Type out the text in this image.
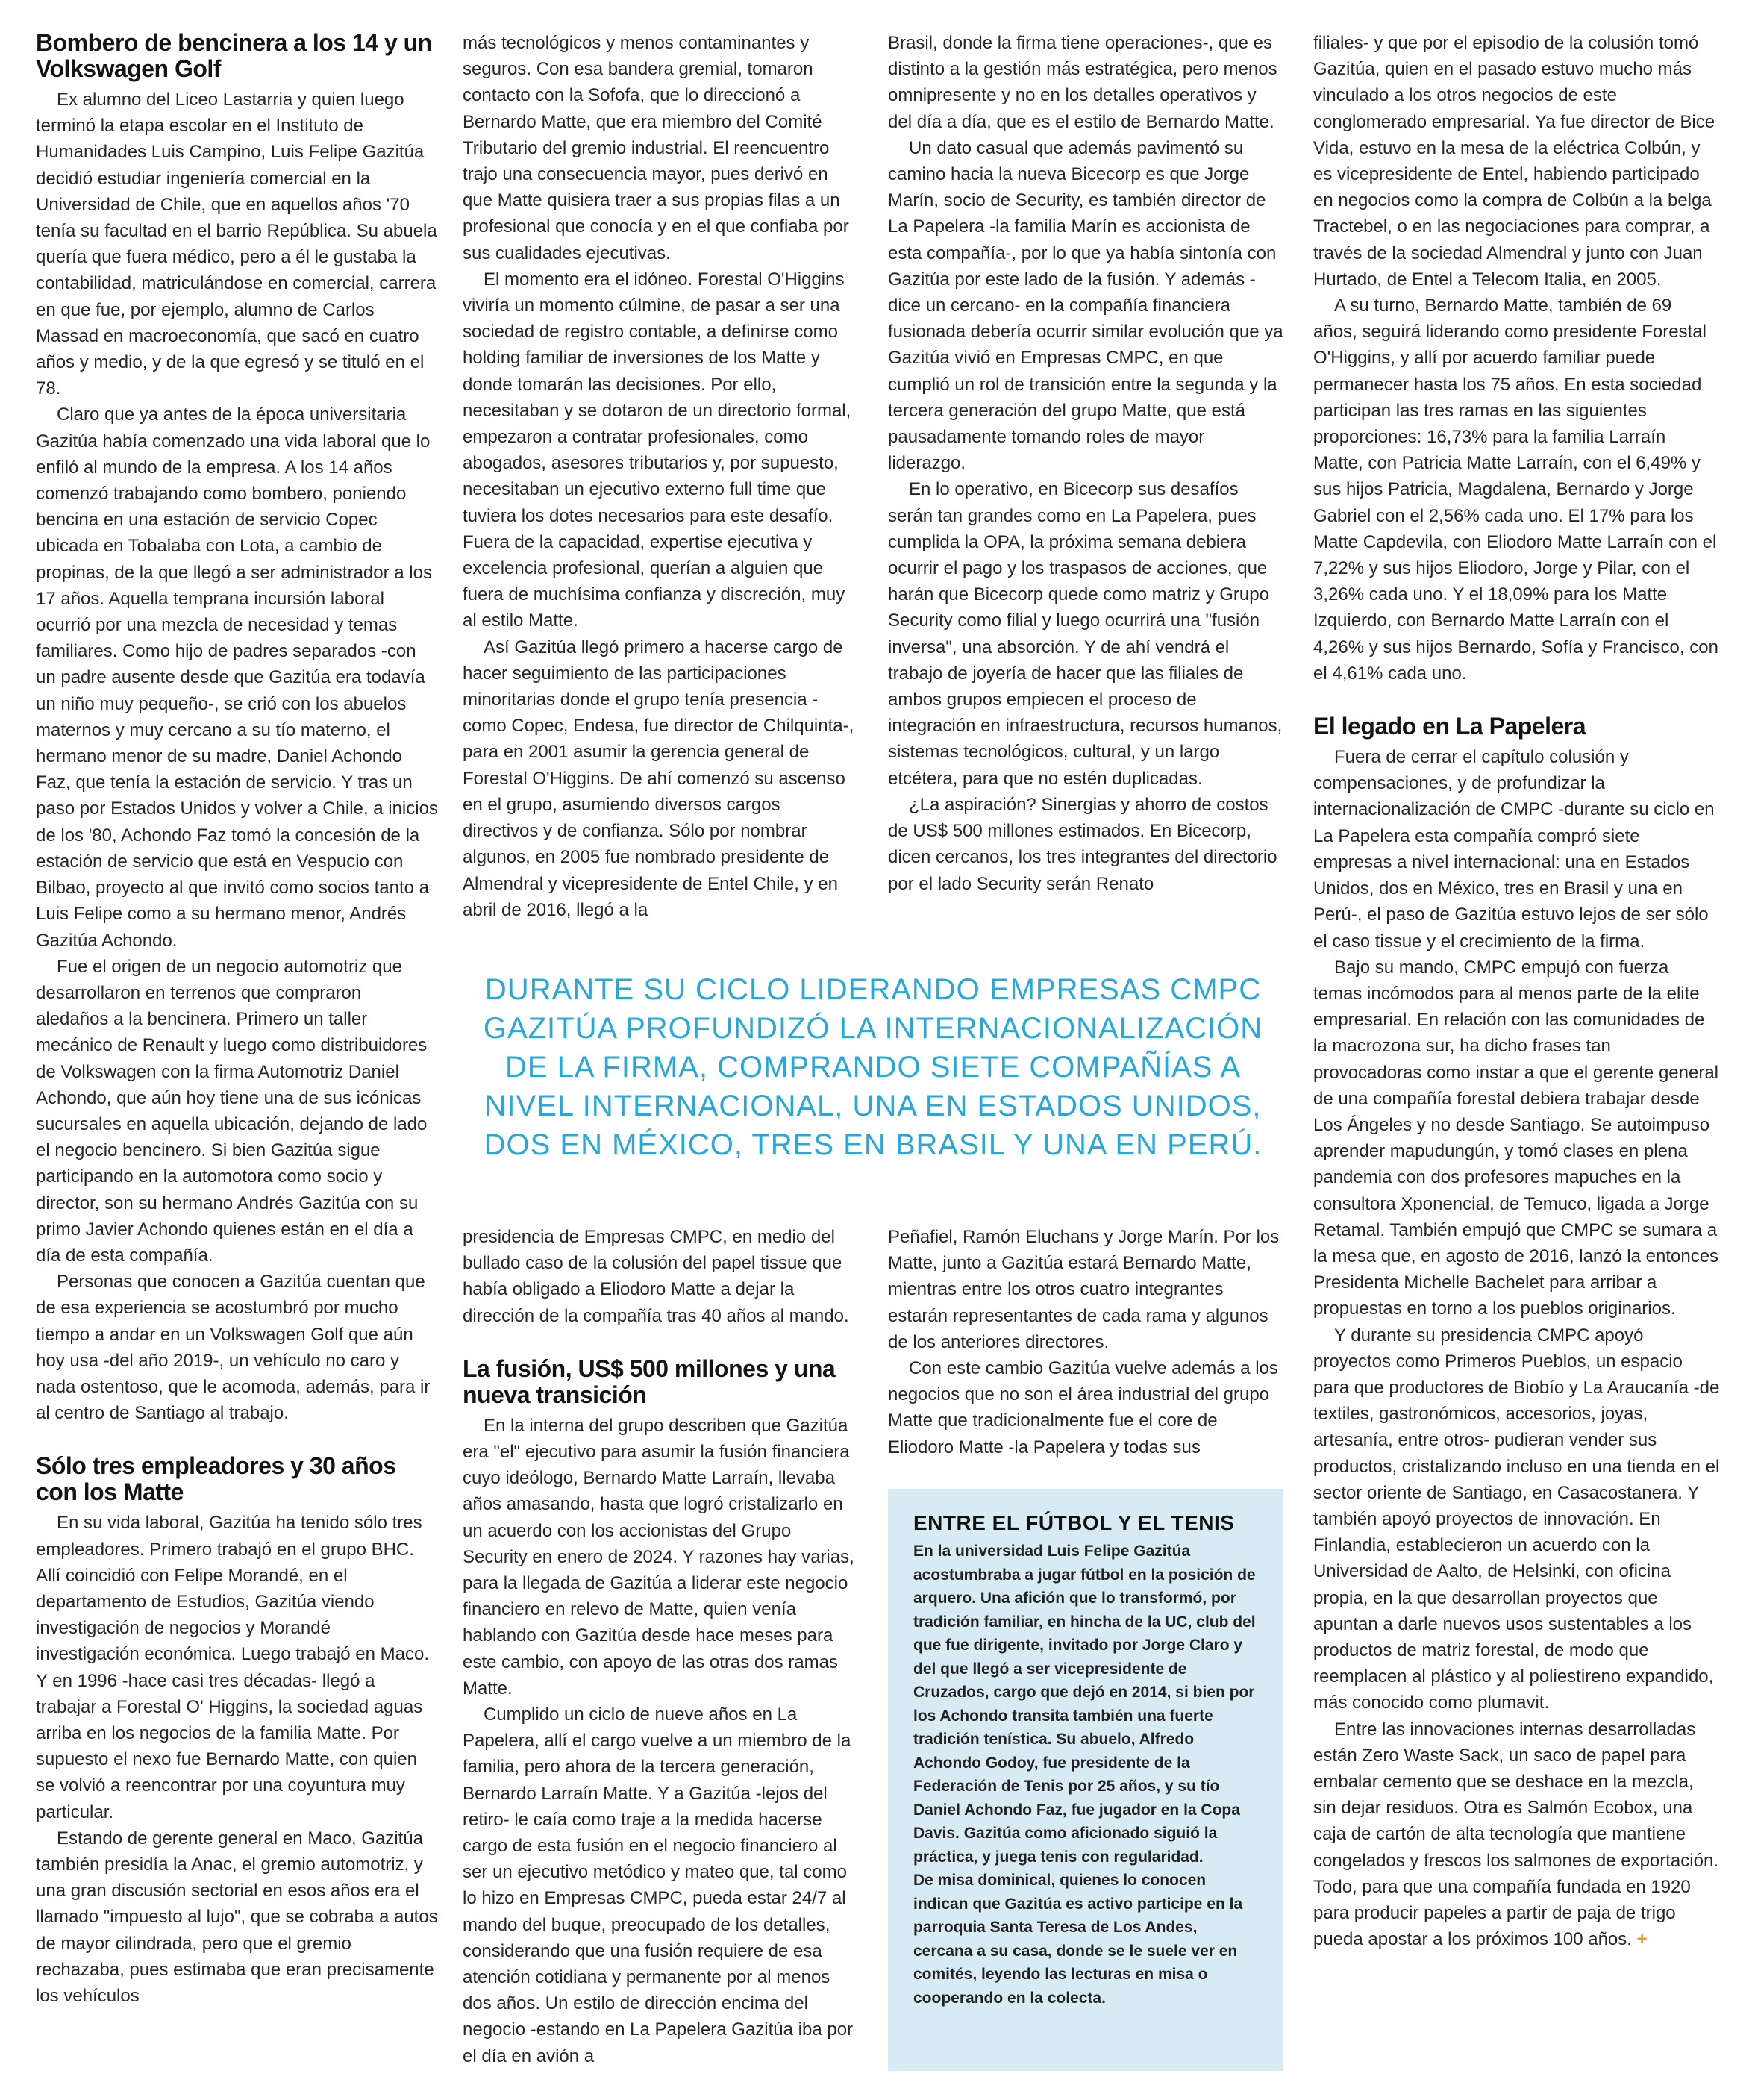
Bombero de bencinera a los 14 y un Volkswagen Golf

Ex alumno del Liceo Lastarria y quien luego terminó la etapa escolar en el Instituto de Humanidades Luis Campino, Luis Felipe Gazitúa decidió estudiar ingeniería comercial en la Universidad de Chile, que en aquellos años '70 tenía su facultad en el barrio República. Su abuela quería que fuera médico, pero a él le gustaba la contabilidad, matriculándose en comercial, carrera en que fue, por ejemplo, alumno de Carlos Massad en macroeconomía, que sacó en cuatro años y medio, y de la que egresó y se tituló en el 78.

Claro que ya antes de la época universitaria Gazitúa había comenzado una vida laboral que lo enfiló al mundo de la empresa. A los 14 años comenzó trabajando como bombero, poniendo bencina en una estación de servicio Copec ubicada en Tobalaba con Lota, a cambio de propinas, de la que llegó a ser administrador a los 17 años. Aquella temprana incursión laboral ocurrió por una mezcla de necesidad y temas familiares. Como hijo de padres separados -con un padre ausente desde que Gazitúa era todavía un niño muy pequeño-, se crió con los abuelos maternos y muy cercano a su tío materno, el hermano menor de su madre, Daniel Achondo Faz, que tenía la estación de servicio. Y tras un paso por Estados Unidos y volver a Chile, a inicios de los '80, Achondo Faz tomó la concesión de la estación de servicio que está en Vespucio con Bilbao, proyecto al que invitó como socios tanto a Luis Felipe como a su hermano menor, Andrés Gazitúa Achondo.

Fue el origen de un negocio automotriz que desarrollaron en terrenos que compraron aledaños a la bencinera. Primero un taller mecánico de Renault y luego como distribuidores de Volkswagen con la firma Automotriz Daniel Achondo, que aún hoy tiene una de sus icónicas sucursales en aquella ubicación, dejando de lado el negocio bencinero. Si bien Gazitúa sigue participando en la automotora como socio y director, son su hermano Andrés Gazitúa con su primo Javier Achondo quienes están en el día a día de esta compañía.

Personas que conocen a Gazitúa cuentan que de esa experiencia se acostumbró por mucho tiempo a andar en un Volkswagen Golf que aún hoy usa -del año 2019-, un vehículo no caro y nada ostentoso, que le acomoda, además, para ir al centro de Santiago al trabajo.

Sólo tres empleadores y 30 años con los Matte

En su vida laboral, Gazitúa ha tenido sólo tres empleadores. Primero trabajó en el grupo BHC. Allí coincidió con Felipe Morandé, en el departamento de Estudios, Gazitúa viendo investigación de negocios y Morandé investigación económica. Luego trabajó en Maco. Y en 1996 -hace casi tres décadas- llegó a trabajar a Forestal O' Higgins, la sociedad aguas arriba en los negocios de la familia Matte. Por supuesto el nexo fue Bernardo Matte, con quien se volvió a reencontrar por una coyuntura muy particular.

Estando de gerente general en Maco, Gazitúa también presidía la Anac, el gremio automotriz, y una gran discusión sectorial en esos años era el llamado "impuesto al lujo", que se cobraba a autos de mayor cilindrada, pero que el gremio rechazaba, pues estimaba que eran precisamente los vehículos

más tecnológicos y menos contaminantes y seguros. Con esa bandera gremial, tomaron contacto con la Sofofa, que lo direccionó a Bernardo Matte, que era miembro del Comité Tributario del gremio industrial. El reencuentro trajo una consecuencia mayor, pues derivó en que Matte quisiera traer a sus propias filas a un profesional que conocía y en el que confiaba por sus cualidades ejecutivas.

El momento era el idóneo. Forestal O'Higgins viviría un momento cúlmine, de pasar a ser una sociedad de registro contable, a definirse como holding familiar de inversiones de los Matte y donde tomarán las decisiones. Por ello, necesitaban y se dotaron de un directorio formal, empezaron a contratar profesionales, como abogados, asesores tributarios y, por supuesto, necesitaban un ejecutivo externo full time que tuviera los dotes necesarios para este desafío. Fuera de la capacidad, expertise ejecutiva y excelencia profesional, querían a alguien que fuera de muchísima confianza y discreción, muy al estilo Matte.

Así Gazitúa llegó primero a hacerse cargo de hacer seguimiento de las participaciones minoritarias donde el grupo tenía presencia -como Copec, Endesa, fue director de Chilquinta-, para en 2001 asumir la gerencia general de Forestal O'Higgins. De ahí comenzó su ascenso en el grupo, asumiendo diversos cargos directivos y de confianza. Sólo por nombrar algunos, en 2005 fue nombrado presidente de Almendral y vicepresidente de Entel Chile, y en abril de 2016, llegó a la

Brasil, donde la firma tiene operaciones-, que es distinto a la gestión más estratégica, pero menos omnipresente y no en los detalles operativos y del día a día, que es el estilo de Bernardo Matte.

Un dato casual que además pavimentó su camino hacia la nueva Bicecorp es que Jorge Marín, socio de Security, es también director de La Papelera -la familia Marín es accionista de esta compañía-, por lo que ya había sintonía con Gazitúa por este lado de la fusión. Y además -dice un cercano- en la compañía financiera fusionada debería ocurrir similar evolución que ya Gazitúa vivió en Empresas CMPC, en que cumplió un rol de transición entre la segunda y la tercera generación del grupo Matte, que está pausadamente tomando roles de mayor liderazgo.

En lo operativo, en Bicecorp sus desafíos serán tan grandes como en La Papelera, pues cumplida la OPA, la próxima semana debiera ocurrir el pago y los traspasos de acciones, que harán que Bicecorp quede como matriz y Grupo Security como filial y luego ocurrirá una "fusión inversa", una absorción. Y de ahí vendrá el trabajo de joyería de hacer que las filiales de ambos grupos empiecen el proceso de integración en infraestructura, recursos humanos, sistemas tecnológicos, cultural, y un largo etcétera, para que no estén duplicadas.

¿La aspiración? Sinergias y ahorro de costos de US$ 500 millones estimados. En Bicecorp, dicen cercanos, los tres integrantes del directorio por el lado Security serán Renato

DURANTE SU CICLO LIDERANDO EMPRESAS CMPC GAZITÚA PROFUNDIZÓ LA INTERNACIONALIZACIÓN DE LA FIRMA, COMPRANDO SIETE COMPAÑÍAS A NIVEL INTERNACIONAL, UNA EN ESTADOS UNIDOS, DOS EN MÉXICO, TRES EN BRASIL Y UNA EN PERÚ.

presidencia de Empresas CMPC, en medio del bullado caso de la colusión del papel tissue que había obligado a Eliodoro Matte a dejar la dirección de la compañía tras 40 años al mando.

La fusión, US$ 500 millones y una nueva transición

En la interna del grupo describen que Gazitúa era "el" ejecutivo para asumir la fusión financiera cuyo ideólogo, Bernardo Matte Larraín, llevaba años amasando, hasta que logró cristalizarlo en un acuerdo con los accionistas del Grupo Security en enero de 2024. Y razones hay varias, para la llegada de Gazitúa a liderar este negocio financiero en relevo de Matte, quien venía hablando con Gazitúa desde hace meses para este cambio, con apoyo de las otras dos ramas Matte.

Cumplido un ciclo de nueve años en La Papelera, allí el cargo vuelve a un miembro de la familia, pero ahora de la tercera generación, Bernardo Larraín Matte. Y a Gazitúa -lejos del retiro- le caía como traje a la medida hacerse cargo de esta fusión en el negocio financiero al ser un ejecutivo metódico y mateo que, tal como lo hizo en Empresas CMPC, pueda estar 24/7 al mando del buque, preocupado de los detalles, considerando que una fusión requiere de esa atención cotidiana y permanente por al menos dos años. Un estilo de dirección encima del negocio -estando en La Papelera Gazitúa iba por el día en avión a

Peñafiel, Ramón Eluchans y Jorge Marín. Por los Matte, junto a Gazitúa estará Bernardo Matte, mientras entre los otros cuatro integrantes estarán representantes de cada rama y algunos de los anteriores directores.

Con este cambio Gazitúa vuelve además a los negocios que no son el área industrial del grupo Matte que tradicionalmente fue el core de Eliodoro Matte -la Papelera y todas sus

ENTRE EL FÚTBOL Y EL TENIS

En la universidad Luis Felipe Gazitúa acostumbraba a jugar fútbol en la posición de arquero. Una afición que lo transformó, por tradición familiar, en hincha de la UC, club del que fue dirigente, invitado por Jorge Claro y del que llegó a ser vicepresidente de Cruzados, cargo que dejó en 2014, si bien por los Achondo transita también una fuerte tradición tenística. Su abuelo, Alfredo Achondo Godoy, fue presidente de la Federación de Tenis por 25 años, y su tío Daniel Achondo Faz, fue jugador en la Copa Davis. Gazitúa como aficionado siguió la práctica, y juega tenis con regularidad.

De misa dominical, quienes lo conocen indican que Gazitúa es activo participe en la parroquia Santa Teresa de Los Andes, cercana a su casa, donde se le suele ver en comités, leyendo las lecturas en misa o cooperando en la colecta.

filiales- y que por el episodio de la colusión tomó Gazitúa, quien en el pasado estuvo mucho más vinculado a los otros negocios de este conglomerado empresarial. Ya fue director de Bice Vida, estuvo en la mesa de la eléctrica Colbún, y es vicepresidente de Entel, habiendo participado en negocios como la compra de Colbún a la belga Tractebel, o en las negociaciones para comprar, a través de la sociedad Almendral y junto con Juan Hurtado, de Entel a Telecom Italia, en 2005.

A su turno, Bernardo Matte, también de 69 años, seguirá liderando como presidente Forestal O'Higgins, y allí por acuerdo familiar puede permanecer hasta los 75 años. En esta sociedad participan las tres ramas en las siguientes proporciones: 16,73% para la familia Larraín Matte, con Patricia Matte Larraín, con el 6,49% y sus hijos Patricia, Magdalena, Bernardo y Jorge Gabriel con el 2,56% cada uno. El 17% para los Matte Capdevila, con Eliodoro Matte Larraín con el 7,22% y sus hijos Eliodoro, Jorge y Pilar, con el 3,26% cada uno. Y el 18,09% para los Matte Izquierdo, con Bernardo Matte Larraín con el 4,26% y sus hijos Bernardo, Sofía y Francisco, con el 4,61% cada uno.

El legado en La Papelera

Fuera de cerrar el capítulo colusión y compensaciones, y de profundizar la internacionalización de CMPC -durante su ciclo en La Papelera esta compañía compró siete empresas a nivel internacional: una en Estados Unidos, dos en México, tres en Brasil y una en Perú-, el paso de Gazitúa estuvo lejos de ser sólo el caso tissue y el crecimiento de la firma.

Bajo su mando, CMPC empujó con fuerza temas incómodos para al menos parte de la elite empresarial. En relación con las comunidades de la macrozona sur, ha dicho frases tan provocadoras como instar a que el gerente general de una compañía forestal debiera trabajar desde Los Ángeles y no desde Santiago. Se autoimpuso aprender mapudungún, y tomó clases en plena pandemia con dos profesores mapuches en la consultora Xponencial, de Temuco, ligada a Jorge Retamal. También empujó que CMPC se sumara a la mesa que, en agosto de 2016, lanzó la entonces Presidenta Michelle Bachelet para arribar a propuestas en torno a los pueblos originarios.

Y durante su presidencia CMPC apoyó proyectos como Primeros Pueblos, un espacio para que productores de Biobío y La Araucanía -de textiles, gastronómicos, accesorios, joyas, artesanía, entre otros- pudieran vender sus productos, cristalizando incluso en una tienda en el sector oriente de Santiago, en Casacostanera. Y también apoyó proyectos de innovación. En Finlandia, establecieron un acuerdo con la Universidad de Aalto, de Helsinki, con oficina propia, en la que desarrollan proyectos que apuntan a darle nuevos usos sustentables a los productos de matriz forestal, de modo que reemplacen al plástico y al poliestireno expandido, más conocido como plumavit.

Entre las innovaciones internas desarrolladas están Zero Waste Sack, un saco de papel para embalar cemento que se deshace en la mezcla, sin dejar residuos. Otra es Salmón Ecobox, una caja de cartón de alta tecnología que mantiene congelados y frescos los salmones de exportación. Todo, para que una compañía fundada en 1920 para producir papeles a partir de paja de trigo pueda apostar a los próximos 100 años. +
